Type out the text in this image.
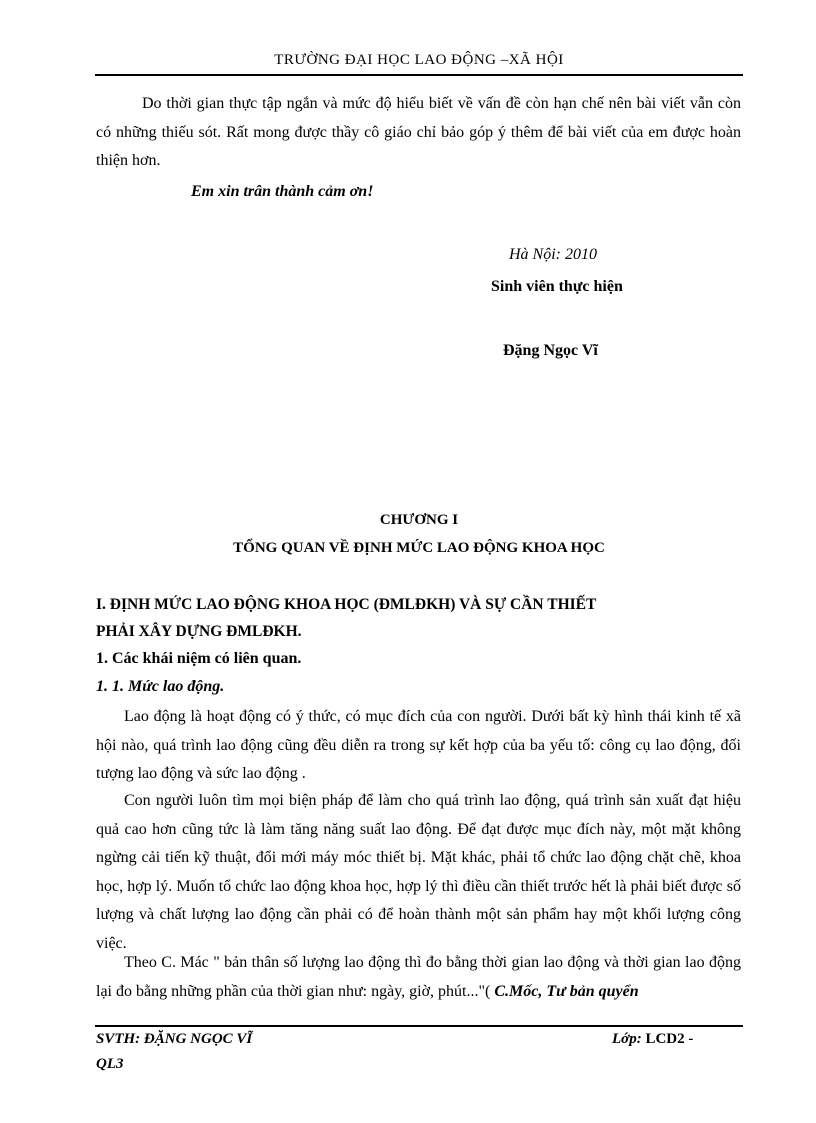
TRƯỜNG ĐẠI HỌC LAO ĐỘNG –XÃ HỘI
Do thời gian thực tập ngắn và mức độ hiểu biết về vấn đề còn hạn chế nên bài viết vẫn còn có những thiếu sót. Rất mong được thầy cô giáo chỉ bảo góp ý thêm để bài viết của em được hoàn thiện hơn.
Em xin trân thành cảm ơn!
Hà Nội: 2010
Sinh viên thực hiện
Đặng Ngọc Vĩ
CHƯƠNG I
TỔNG QUAN VỀ ĐỊNH MỨC LAO ĐỘNG KHOA HỌC
I. ĐỊNH MỨC LAO ĐỘNG KHOA HỌC (ĐMLĐKH) VÀ SỰ CẦN THIẾT
PHẢI XÂY DỰNG ĐMLĐKH.
1. Các khái niệm có liên quan.
1. 1. Mức lao động.
Lao động là hoạt động có ý thức, có mục đích của con người. Dưới bất kỳ hình thái kinh tế xã hội nào, quá trình lao động cũng đều diễn ra trong sự kết hợp của ba yếu tố: công cụ lao động, đối tượng lao động và sức lao động .
Con người luôn tìm mọi biện pháp để làm cho quá trình lao động, quá trình sản xuất đạt hiệu quả cao hơn cũng tức là làm tăng năng suất lao động. Để đạt được mục đích này, một mặt không ngừng cải tiến kỹ thuật, đổi mới máy móc thiết bị. Mặt khác, phải tổ chức lao động chặt chẽ, khoa học, hợp lý. Muốn tổ chức lao động khoa học, hợp lý thì điều cần thiết trước hết là phải biết được số lượng và chất lượng lao động cần phải có để hoàn thành một sản phẩm hay một khối lượng công việc.
Theo C. Mác " bản thân số lượng lao động thì đo bằng thời gian lao động và thời gian lao động lại đo bằng những phần của thời gian như: ngày, giờ, phút..."( C.Mốc, Tư bản quyển
SVTH: ĐẶNG NGỌC VĨ	Lớp: LCD2 -
QL3
